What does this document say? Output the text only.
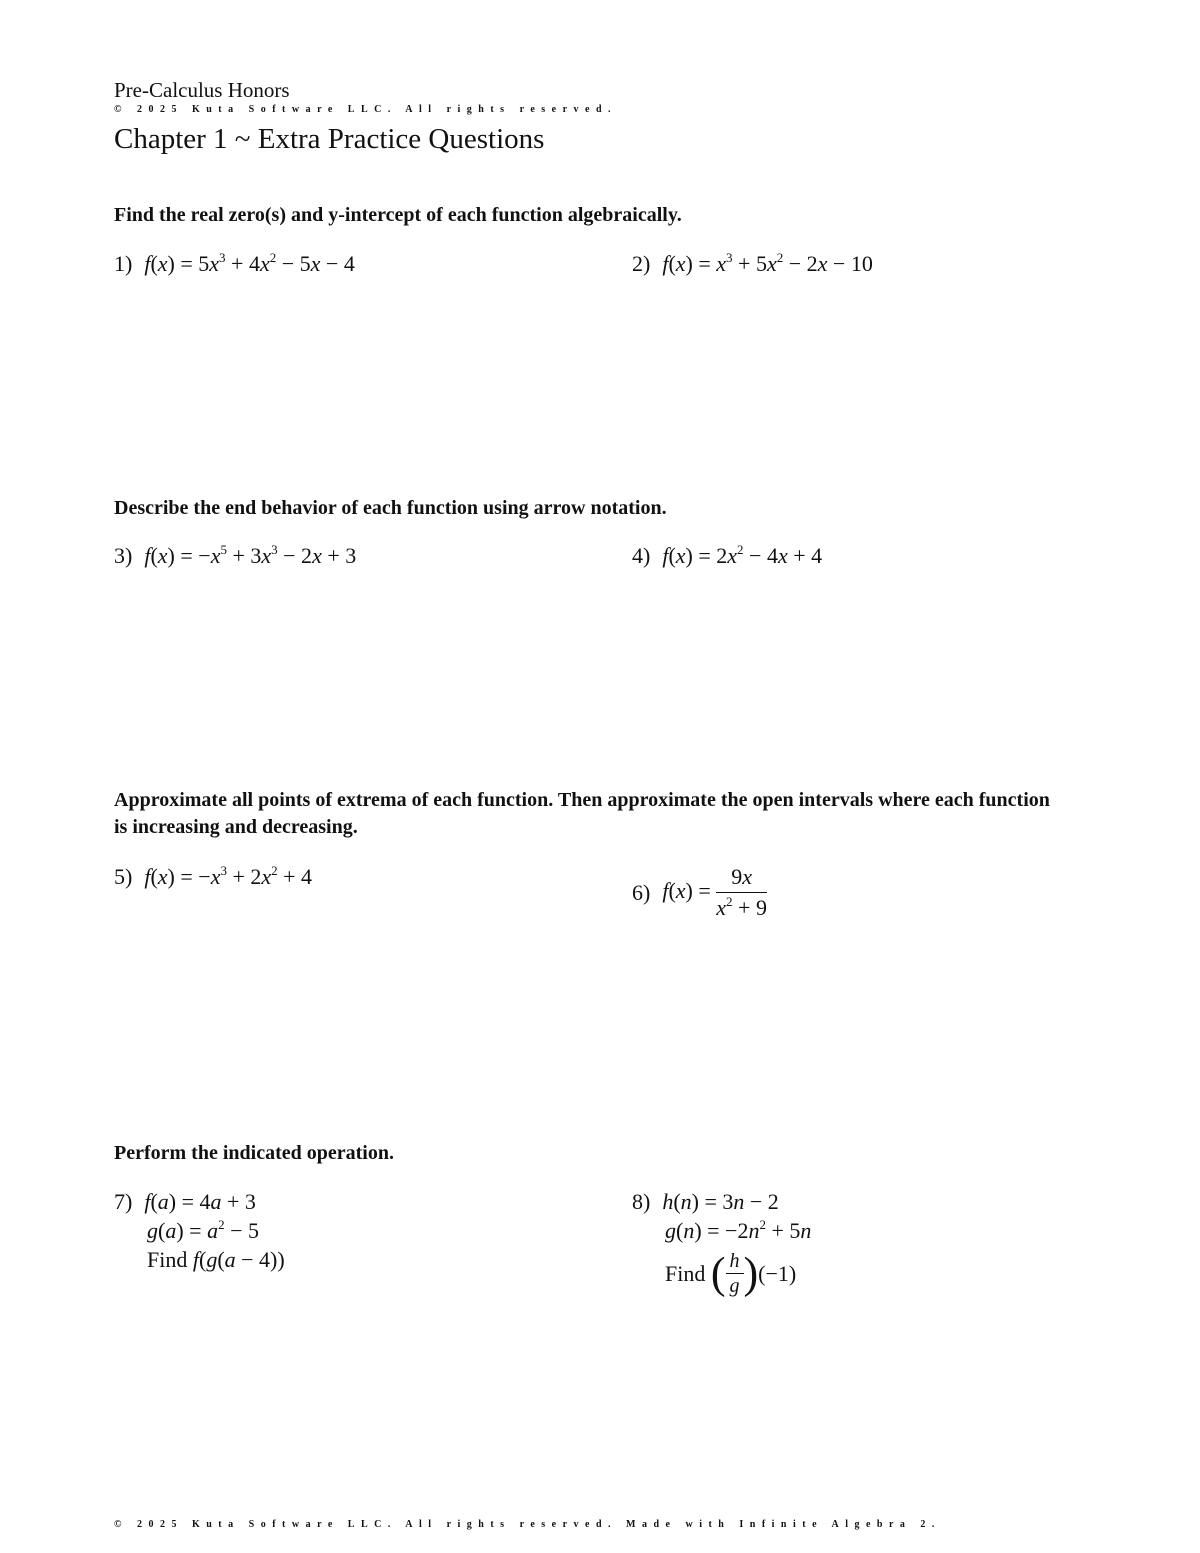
Pre-Calculus Honors
© 2025 Kuta Software LLC. All rights reserved.
Chapter 1 ~ Extra Practice Questions
Find the real zero(s) and y-intercept of each function algebraically.
1) $f(x) = 5x^3 + 4x^2 - 5x - 4$	2) $f(x) = x^3 + 5x^2 - 2x - 10$
Describe the end behavior of each function using arrow notation.
3) $f(x) = -x^5 + 3x^3 - 2x + 3$	4) $f(x) = 2x^2 - 4x + 4$
Approximate all points of extrema of each function. Then approximate the open intervals where each function is increasing and decreasing.
5) $f(x) = -x^3 + 2x^2 + 4$
6) $f(x) = \frac{9x}{x^2 + 9}$
Perform the indicated operation.
7) f(a) = 4a + 3
$g(a) = a^2 - 5$
Find f(g(a − 4))
8) h(n) = 3n − 2
$g(n) = -2n^2 + 5n$
Find ( $\frac{h}{g} )(-1)$
© 2025 Kuta Software LLC. All rights reserved. Made with Infinite Algebra 2.
